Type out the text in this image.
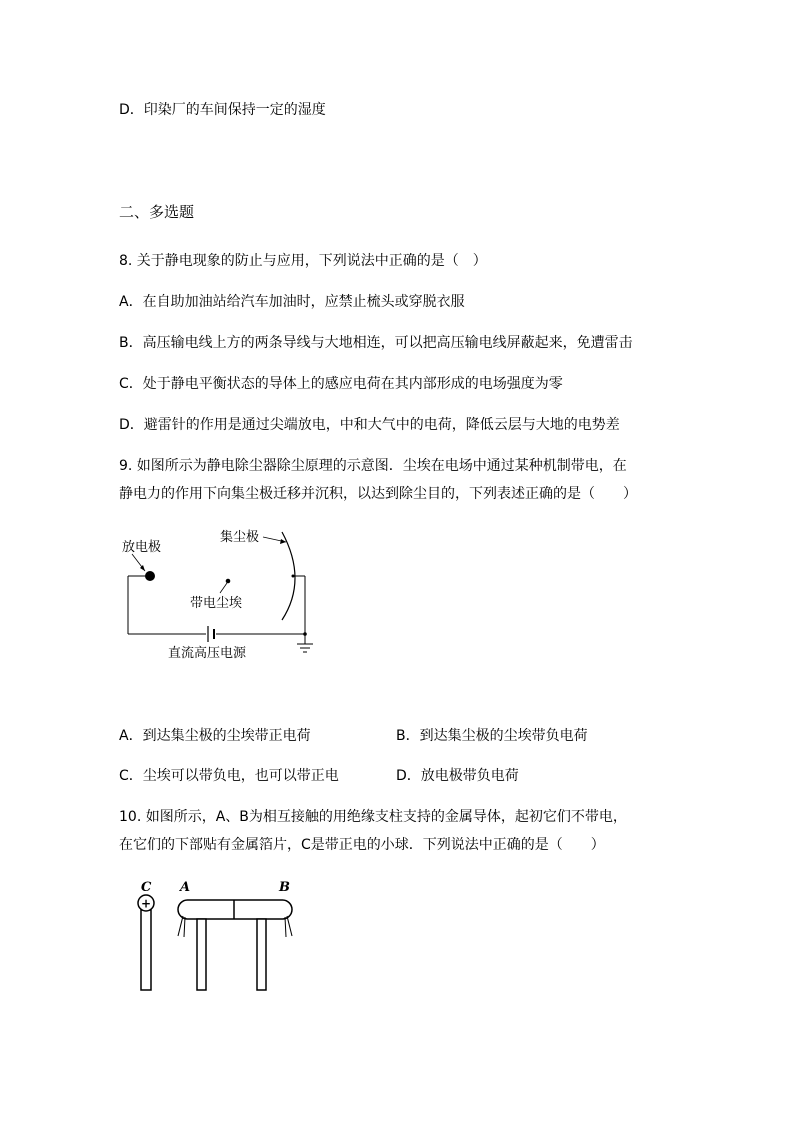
D．印染厂的车间保持一定的湿度
二、多选题
8. 关于静电现象的防止与应用，下列说法中正确的是（　）
A．在自助加油站给汽车加油时，应禁止梳头或穿脱衣服
B．高压输电线上方的两条导线与大地相连，可以把高压输电线屏蔽起来，免遭雷击
C．处于静电平衡状态的导体上的感应电荷在其内部形成的电场强度为零
D．避雷针的作用是通过尖端放电，中和大气中的电荷，降低云层与大地的电势差
9. 如图所示为静电除尘器除尘原理的示意图．尘埃在电场中通过某种机制带电，在
静电力的作用下向集尘极迁移并沉积，以达到除尘目的，下列表述正确的是（　　）
放电极
集尘极
带电尘埃
直流高压电源
A．到达集尘极的尘埃带正电荷	B．到达集尘极的尘埃带负电荷
C．尘埃可以带负电，也可以带正电	D．放电极带负电荷
10. 如图所示，A、B为相互接触的用绝缘支柱支持的金属导体，起初它们不带电，
在它们的下部贴有金属箔片，C是带正电的小球．下列说法中正确的是（　　）
C A	B
+
